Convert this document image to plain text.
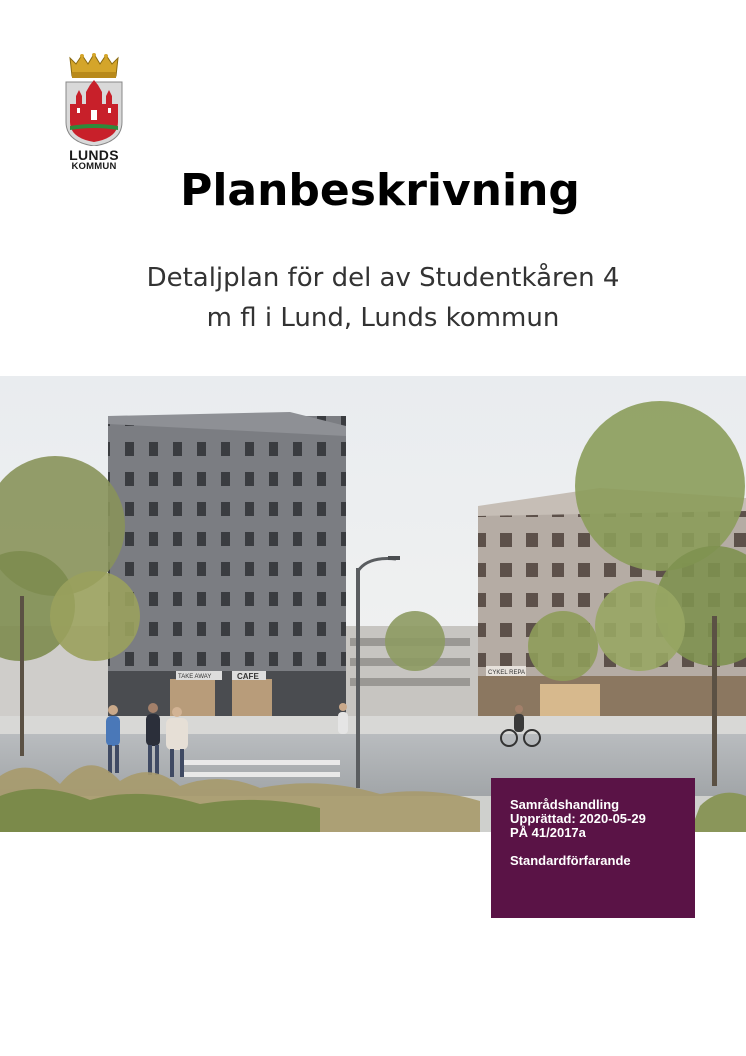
LUNDS
KOMMUN	Planbeskrivning
Detaljplan för del av Studentkåren 4
m fl i Lund, Lunds kommun
TAKE AWAY	CAFE	CYKEL REPA
Samrådshandling
Upprättad: 2020-05-29
PÅ 41/2017a
Standardförfarande
